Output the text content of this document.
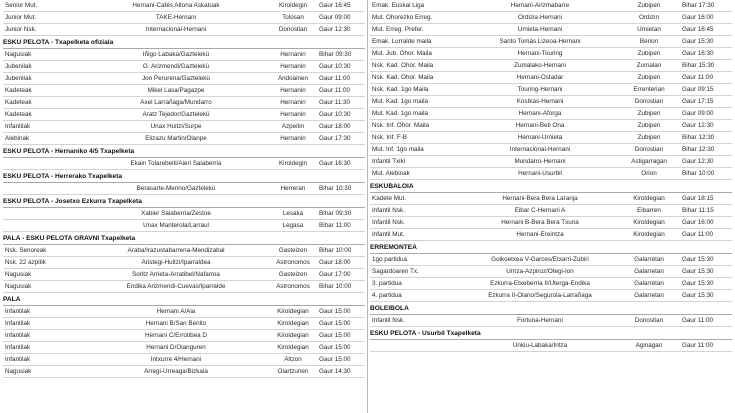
Senior Mut.	Hernani-Cafés Altona Askatuak	Kiroldegin	Gaur 16:45
Junior Mut.	TAKE-Hernani	Tolosan	Gaur 09:00
Junior Nsk.	Internacional-Hernani	Donostian	Gaur 12:30
ESKU PELOTA - Txapelketa ofiziala
Nagusiak	Iñigo Labaka/Gaztelekü	Hernanin	Bihar 09:30
Jubenilak	G. Arizmendi/Gaztelekü	Hernanin	Gaur 10:30
Jubenilak	Jon Perurena/Gaztelekü	Andoainen	Gaur 11:00
Kadeteak	Mikel Lasa/Pagazpe	Hernanin	Gaur 11:00
Kadeteak	Axel Larrañaga/Mundarro	Hernanin	Gaur 11:30
Kadeteak	Aratz Tejedor/Gaztelekü	Hernanin	Gaur 10:30
Infantilak	Unax Huitzi/Surpe	Azpeitin	Gaur 18:00
Alebinak	Elizazu Martin/Olanpe	Hernanin	Gaur 17:30
ESKU PELOTA - Hernaniko 4/5 Txapelketa
Ekain Tolarebeiti/Aieri Salaberria	Kiroldegin	Gaur 16:30
ESKU PELOTA - Herrerako Txapelketa
Berasarte-Merino/Gaztelekü	Herreran	Bihar 10:30
ESKU PELOTA - Josetxo Ezkurra Txapelketa
Xabier Salaberria/Zestoe	Lesaka	Bihar 09:30
Unax Manterola/Larraul	Legasa	Bihar 11:00
PALA - ESKU PELOTA GRAVNI Txapelketa
Nsk. Senoreak	Araba/Irazustabarrena-Mendizabal	Gasteizen	Bihar 10:00
Nsk. 22 azpitik	Aristegi-Huitzi/Iparraldea	Astronomos	Gaur 18:00
Nagusiak	Soritz Arrieta-Arratibel/Nafarroa	Gasteizen	Gaur 17:00
Nagusiak	Endika Arizmendi-Cuevas/Iparralde	Astronomos	Bihar 10:00
PALA
Infantilak	Hernani A/Aia	Kiroldegian	Gaur 15:00
Infantilak	Hernani B/San Benito	Kiroldegian	Gaur 15:00
Infantilak	Hernani C/Errotibea D	Kiroldegian	Gaur 15:00
Infantilak	Hernani D/Oianguren	Kiroldegian	Gaur 15:00
Infantilak	Intxurre 4/Hernani	Altzon	Gaur 15:00
Nagusiak	Arregi-Urreaga/Bizkaia	Oiartzunen	Gaur 14:30
Emak. Euskal Liga	Hernani-Arizmabarre	Zubipen	Bihar 17:30
Mut. Ohorezko Erreg.	Ordizia-Hernani	Ordizin	Gaur 16:00
Mut. Erreg. Prefer.	Urnieta-Hernani	Urnietan	Gaur 16:45
Emak. Lurralde maila	Santo Tomás Lizeoa-Hernani	Berion	Gaur 15:30
Mut. Jub. Ohor. Maila	Hernani-Touring	Zubipen	Gaur 16:30
Nsk. Kad. Ohor. Maila	Zumalako-Hernani	Zumalan	Bihar 15:30
Nsk. Kad. Ohor. Maila	Hernani-Ostadar	Zubipen	Gaur 11:00
Nsk. Kad. 1go Maila	Touring-Hernani	Errenterian	Gaur 09:15
Mut. Kad. 1go maila	Kostkas-Hernani	Donostian	Gaur 17:15
Mut. Kad. 1go maila	Hernani-Aforga	Zubipen	Gaur 09:00
Nsk. Inf. Ohor. Maila	Hernani-Beti Ona	Zubipen	Gaur 12:30
Nsk. Inf. F-B	Hernani-Urnieta	Zubipen	Bihar 12:30
Mut. Inf. 1go maila	Internacional-Hernani	Donostian	Bihar 12:30
Infantil Txiki	Mundarro-Hernani	Astigarragan	Gaur 12:30
Mut. Alebinak	Hernani-Usurbil	Orion	Bihar 10:00
ESKUBALOIA
Kadete Mut.	Hernani-Bera Bera Laranja	Kiroldegian	Gaur 18:15
Infantil Nsk.	Eibar C-Hernani A	Eibarren	Bihar 11:15
Infantil Nsk.	Hernani B-Bera Bera Txuria	Kiroldegian	Gaur 16:00
Infantil Mut.	Hernani-Ereintza	Kiroldegian	Gaur 11:00
ERREMONTEA
1go partidua	Goikoetxea V-Garces/Etxarri-Zubiri	Galarretan	Gaur 15:30
Sagardoaren Tx.	Urriza-Azpiroz/Otegi-Ion	Galarretan	Gaur 15:30
3. partidua	Ezkurra-Etxeberria II/Uterga-Endika	Galarretan	Gaur 15:30
4. partidua	Ezkurra II-Olano/Segurola-Larrañaga	Galarretan	Gaur 15:30
BOLEIBOLA
Infantil Nsk.	Fortuna-Hernani	Donostian	Gaur 11:00
ESKU PELOTA - Usurbil Txapelketa
Unkiu-Labaka/Intza	Aginagan	Gaur 11:00
